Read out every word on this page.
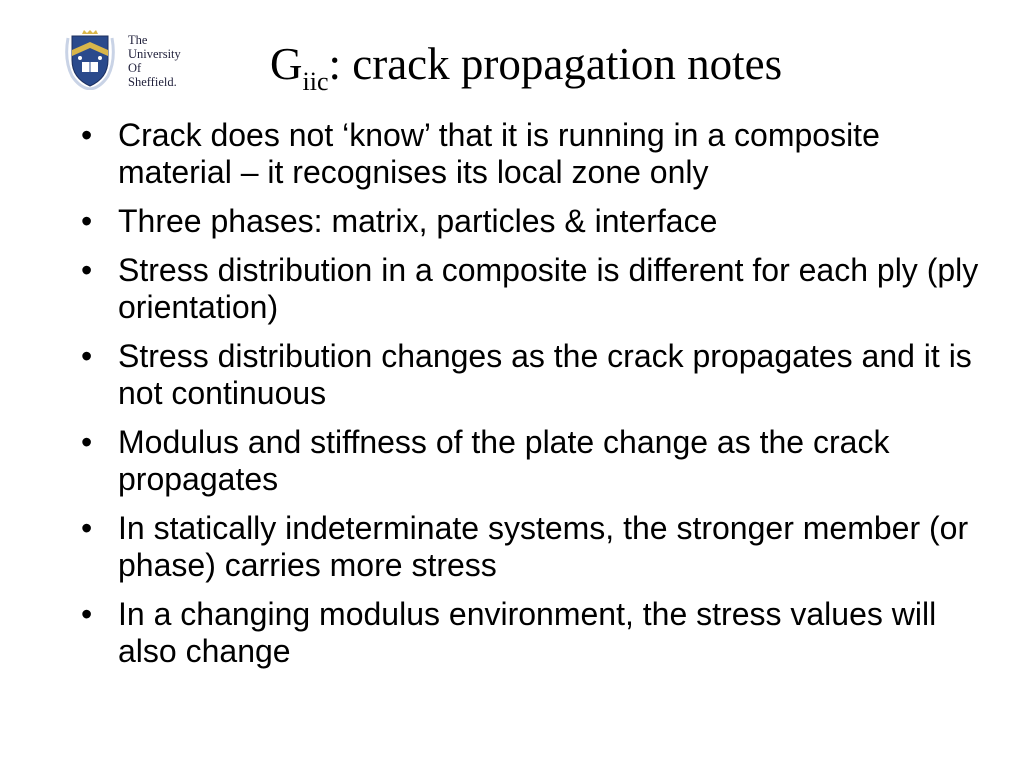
The
University
Of
Sheffield. $G_{iic}$: crack propagation notes
• Crack does not ‘know’ that it is running in a composite material – it recognises its local zone only
• Three phases: matrix, particles & interface
• Stress distribution in a composite is different for each ply (ply orientation)
• Stress distribution changes as the crack propagates and it is not continuous
• Modulus and stiffness of the plate change as the crack propagates
• In statically indeterminate systems, the stronger member (or phase) carries more stress
• In a changing modulus environment, the stress values will also change
